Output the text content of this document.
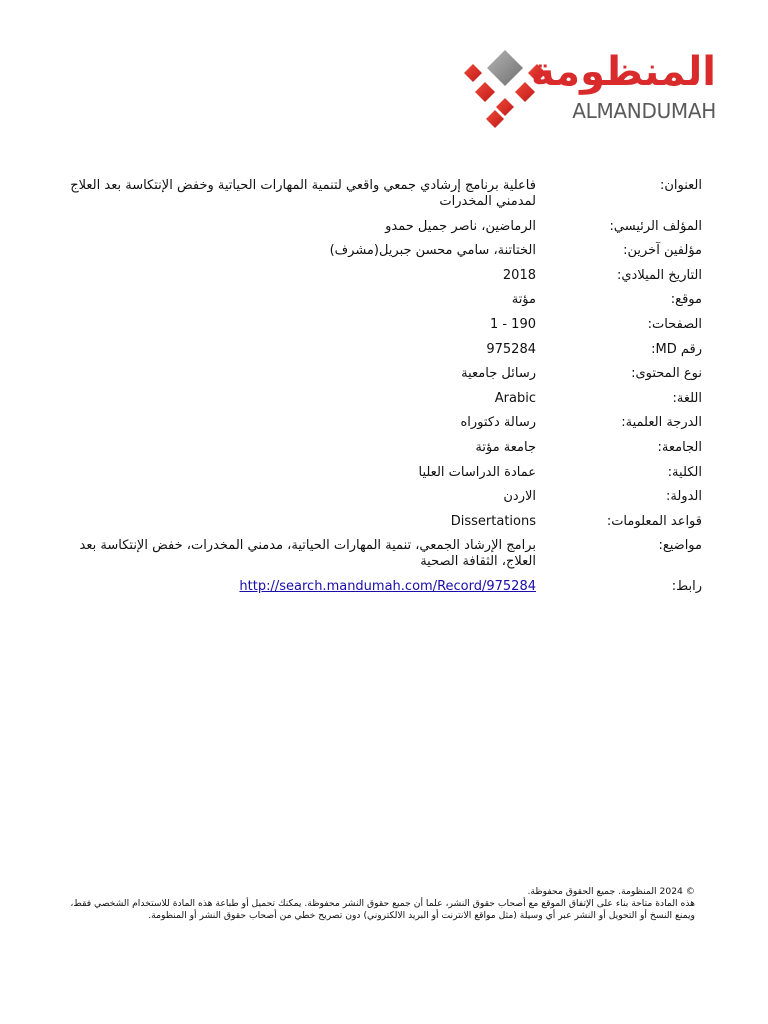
المنظومة
ALMANDUMAH
العنوان:
فاعلية برنامج إرشادي جمعي واقعي لتنمية المهارات الحياتية وخفض الإنتكاسة بعد العلاج لمدمني المخدرات
المؤلف الرئيسي:
الرماضين، ناصر جميل حمدو
مؤلفين آخرين:
الختاتنة، سامي محسن جبريل(مشرف)
التاريخ الميلادي:
2018
موقع:
مؤتة
الصفحات:
1 - 190
رقم MD:
975284
نوع المحتوى:
رسائل جامعية
اللغة:
Arabic
الدرجة العلمية:
رسالة دكتوراه
الجامعة:
جامعة مؤتة
الكلية:
عمادة الدراسات العليا
الدولة:
الاردن
قواعد المعلومات:
Dissertations
مواضيع:
برامج الإرشاد الجمعي، تنمية المهارات الحياتية، مدمني المخدرات، خفض الإنتكاسة بعد العلاج، الثقافة الصحية
رابط:
http://search.mandumah.com/Record/975284

© 2024 المنظومة. جميع الحقوق محفوظة.

هذه المادة متاحة بناء على الإتفاق الموقع مع أصحاب حقوق النشر، علما أن جميع حقوق النشر محفوظة. يمكنك تحميل أو طباعة هذه المادة للاستخدام الشخصي فقط، ويمنع النسخ أو التحويل أو النشر عبر أي وسيلة (مثل مواقع الانترنت أو البريد الالكتروني) دون تصريح خطي من أصحاب حقوق النشر أو المنظومة.
